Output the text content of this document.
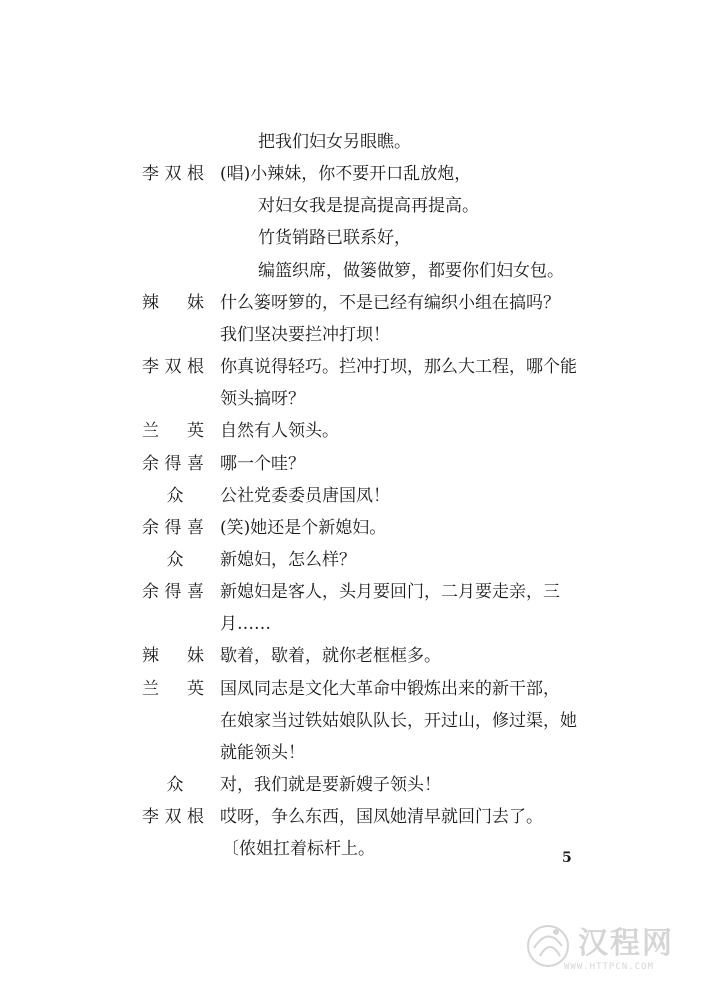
把我们妇女另眼瞧。
李双根 (唱)小辣妹，你不要开口乱放炮，
对妇女我是提高提高再提高。
竹货销路已联系好，
编篮织席，做篓做箩，都要你们妇女包。
辣妹 什么篓呀箩的，不是已经有编织小组在搞吗？
我们坚决要拦冲打坝！
李双根 你真说得轻巧。拦冲打坝，那么大工程，哪个能
领头搞呀？
兰英 自然有人领头。
余得喜 哪一个哇？
众 公社党委委员唐国凤！
余得喜 (笑)她还是个新媳妇。
众 新媳妇，怎么样？
余得喜 新媳妇是客人，头月要回门，二月要走亲，三
月……
辣妹 歇着，歇着，就你老框框多。
兰英 国凤同志是文化大革命中锻炼出来的新干部，
在娘家当过铁姑娘队队长，开过山，修过渠，她
就能领头！
众 对，我们就是要新嫂子领头！
李双根 哎呀，争么东西，国凤她清早就回门去了。
〔侬姐扛着标杆上。	5
汉程网
WWW.HTTPCN.COM
